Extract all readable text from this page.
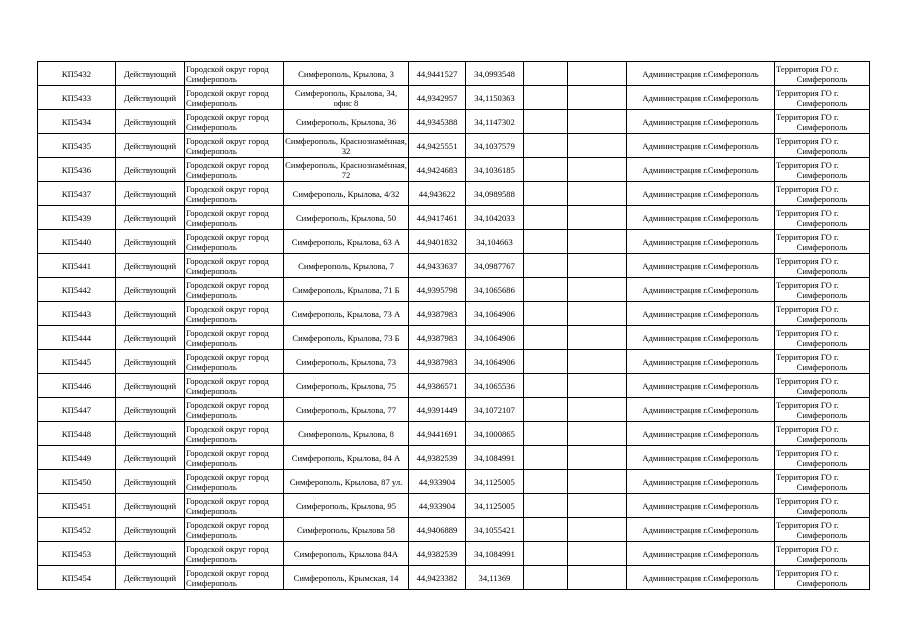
КП5432	Действующий	Городской округ город Симферополь	Симферополь, Крылова, 3	44,9441527	34,0993548			Администрация г.Симферополь	Территория ГО г.
Симферополь

КП5433	Действующий	Городской округ город Симферополь	Симферополь, Крылова, 34, офис 8	44,9342957	34,1150363			Администрация г.Симферополь	Территория ГО г.
Симферополь

КП5434	Действующий	Городской округ город Симферополь	Симферополь, Крылова, 36	44,9345388	34,1147302			Администрация г.Симферополь	Территория ГО г.
Симферополь

КП5435	Действующий	Городской округ город Симферополь	Симферополь, Краснознамённая, 32	44,9425551	34,1037579			Администрация г.Симферополь	Территория ГО г.
Симферополь

КП5436	Действующий	Городской округ город Симферополь	Симферополь, Краснознамённая, 72	44,9424683	34,1036185			Администрация г.Симферополь	Территория ГО г.
Симферополь

КП5437	Действующий	Городской округ город Симферополь	Симферополь, Крылова, 4/32	44,943622	34,0989588			Администрация г.Симферополь	Территория ГО г.
Симферополь

КП5439	Действующий	Городской округ город Симферополь	Симферополь, Крылова, 50	44,9417461	34,1042033			Администрация г.Симферополь	Территория ГО г.
Симферополь

КП5440	Действующий	Городской округ город Симферополь	Симферополь, Крылова, 63 А	44,9401832	34,104663			Администрация г.Симферополь	Территория ГО г.
Симферополь

КП5441	Действующий	Городской округ город Симферополь	Симферополь, Крылова, 7	44,9433637	34,0987767			Администрация г.Симферополь	Территория ГО г.
Симферополь

КП5442	Действующий	Городской округ город Симферополь	Симферополь, Крылова, 71 Б	44,9395798	34,1065686			Администрация г.Симферополь	Территория ГО г.
Симферополь

КП5443	Действующий	Городской округ город Симферополь	Симферополь, Крылова, 73 А	44,9387983	34,1064906			Администрация г.Симферополь	Территория ГО г.
Симферополь

КП5444	Действующий	Городской округ город Симферополь	Симферополь, Крылова, 73 Б	44,9387983	34,1064906			Администрация г.Симферополь	Территория ГО г.
Симферополь

КП5445	Действующий	Городской округ город Симферополь	Симферополь, Крылова, 73	44,9387983	34,1064906			Администрация г.Симферополь	Территория ГО г.
Симферополь

КП5446	Действующий	Городской округ город Симферополь	Симферополь, Крылова, 75	44,9386571	34,1065536			Администрация г.Симферополь	Территория ГО г.
Симферополь

КП5447	Действующий	Городской округ город Симферополь	Симферополь, Крылова, 77	44,9391449	34,1072107			Администрация г.Симферополь	Территория ГО г.
Симферополь

КП5448	Действующий	Городской округ город Симферополь	Симферополь, Крылова, 8	44,9441691	34,1000865			Администрация г.Симферополь	Территория ГО г.
Симферополь

КП5449	Действующий	Городской округ город Симферополь	Симферополь, Крылова, 84 А	44,9382539	34,1084991			Администрация г.Симферополь	Территория ГО г.
Симферополь

КП5450	Действующий	Городской округ город Симферополь	Симферополь, Крылова, 87 ул.	44,933904	34,1125005			Администрация г.Симферополь	Территория ГО г.
Симферополь

КП5451	Действующий	Городской округ город Симферополь	Симферополь, Крылова, 95	44,933904	34,1125005			Администрация г.Симферополь	Территория ГО г.
Симферополь

КП5452	Действующий	Городской округ город Симферополь	Симферополь, Крылова 58	44,9406889	34,1055421			Администрация г.Симферополь	Территория ГО г.
Симферополь

КП5453	Действующий	Городской округ город Симферополь	Симферополь, Крылова 84А	44,9382539	34,1084991			Администрация г.Симферополь	Территория ГО г.
Симферополь

КП5454	Действующий	Городской округ город Симферополь	Симферополь, Крымская, 14	44,9423382	34,11369			Администрация г.Симферополь	Территория ГО г.
Симферополь
